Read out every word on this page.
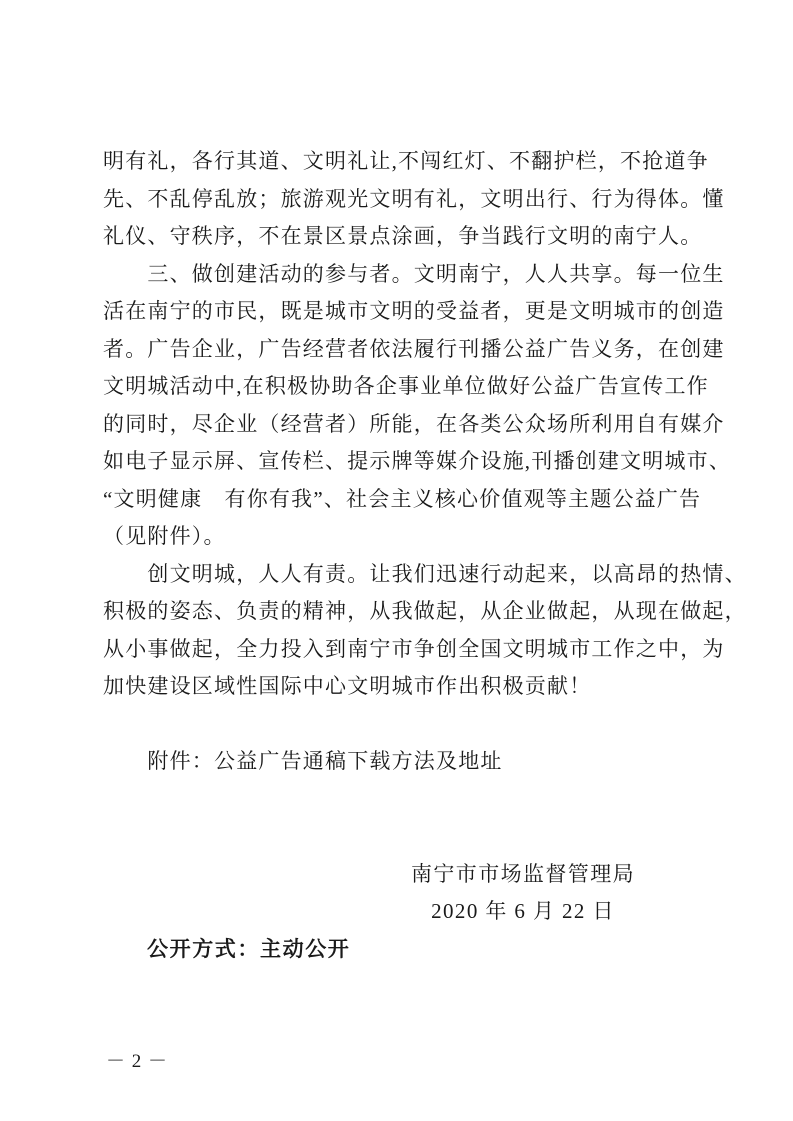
明有礼，各行其道、文明礼让,不闯红灯、不翻护栏，不抢道争
先、不乱停乱放；旅游观光文明有礼，文明出行、行为得体。懂
礼仪、守秩序，不在景区景点涂画，争当践行文明的南宁人。
　　三、做创建活动的参与者。文明南宁，人人共享。每一位生
活在南宁的市民，既是城市文明的受益者，更是文明城市的创造
者。广告企业，广告经营者依法履行刊播公益广告义务，在创建
文明城活动中,在积极协助各企事业单位做好公益广告宣传工作
的同时，尽企业（经营者）所能，在各类公众场所利用自有媒介
如电子显示屏、宣传栏、提示牌等媒介设施,刊播创建文明城市、
“文明健康　有你有我”、社会主义核心价值观等主题公益广告
（见附件）。
　　创文明城，人人有责。让我们迅速行动起来，以高昂的热情、
积极的姿态、负责的精神，从我做起，从企业做起，从现在做起，
从小事做起，全力投入到南宁市争创全国文明城市工作之中，为
加快建设区域性国际中心文明城市作出积极贡献！
　　附件：公益广告通稿下载方法及地址
南宁市市场监督管理局
2020 年 6 月 22 日
公开方式：主动公开
－ 2 －
